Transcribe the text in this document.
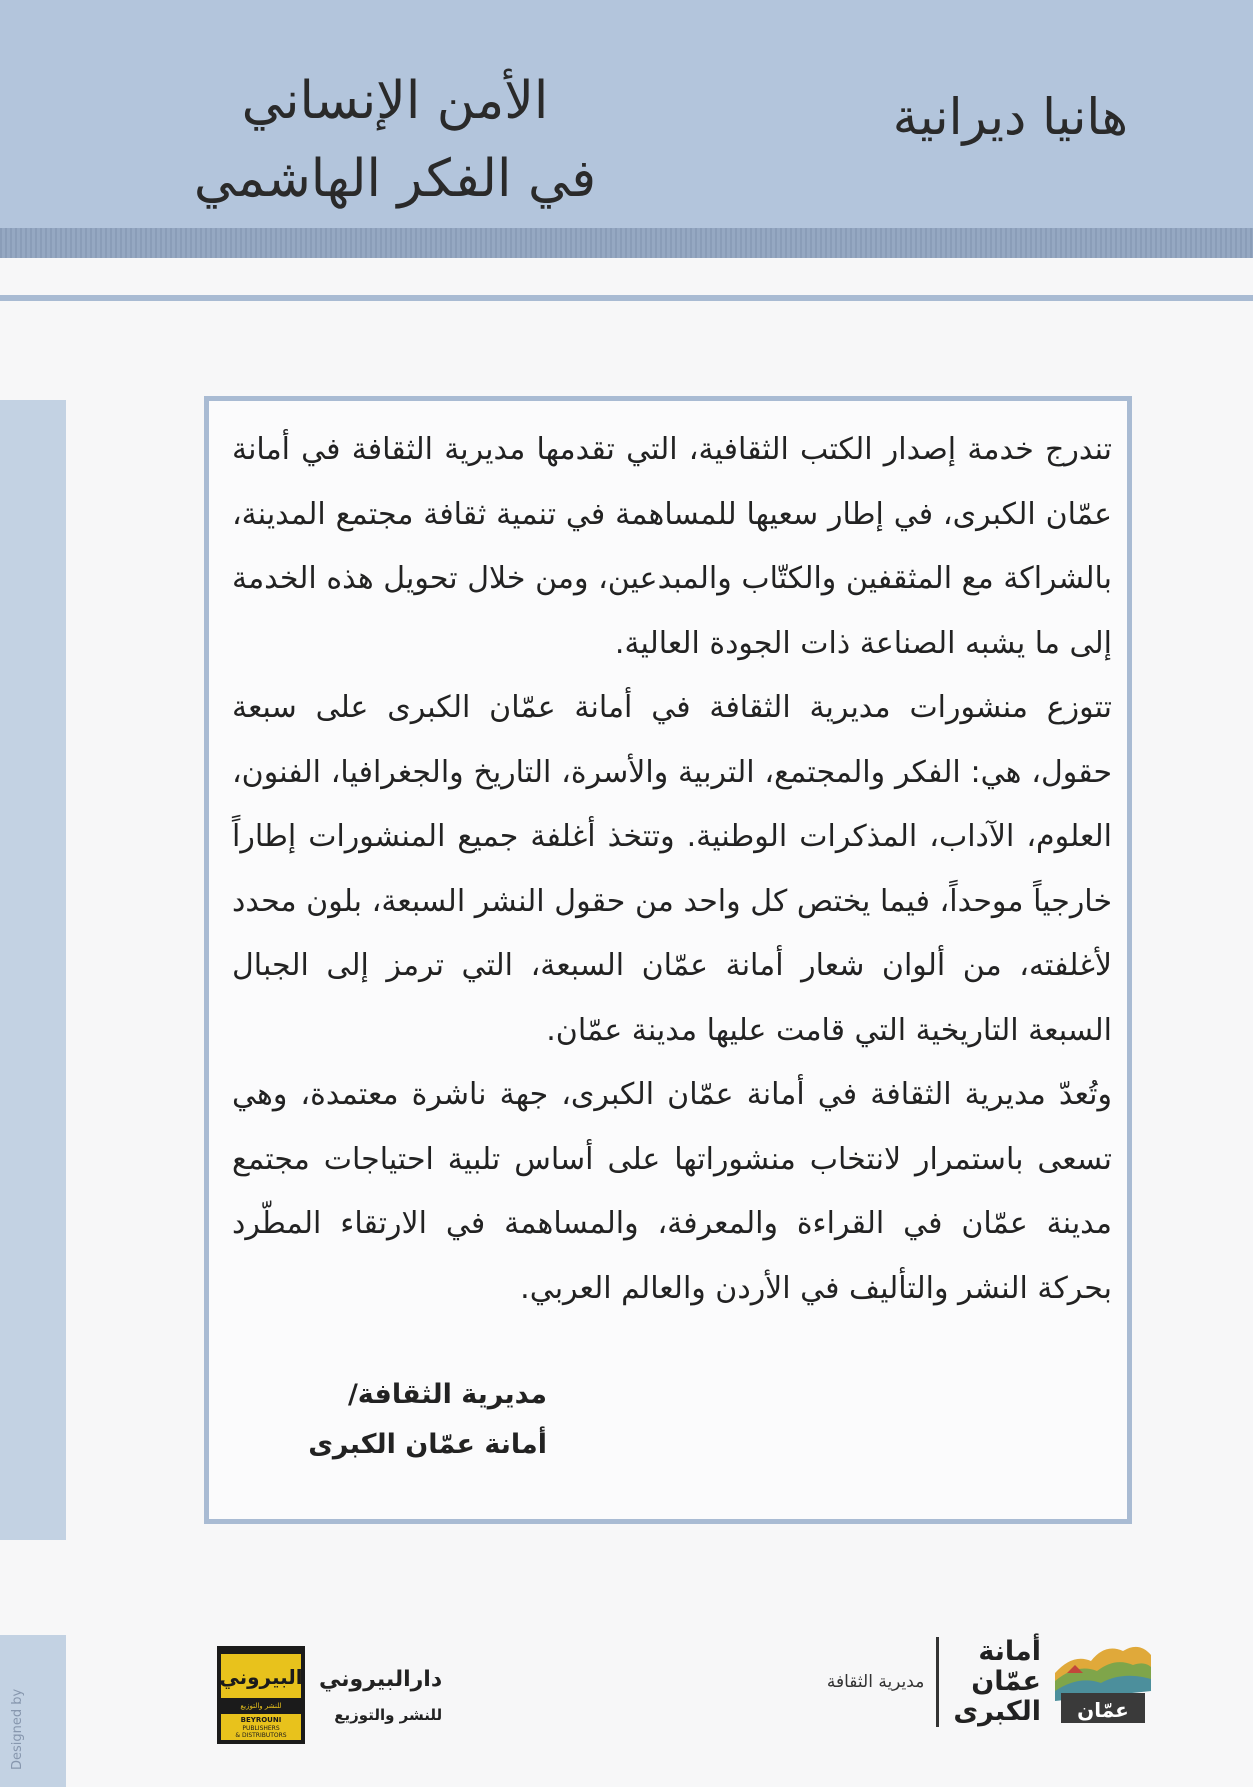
هانيا ديرانية
الأمن الإنساني
في الفكر الهاشمي
Designed by

تندرج خدمة إصدار الكتب الثقافية، التي تقدمها مديرية الثقافة في أمانة عمّان الكبرى، في إطار سعيها للمساهمة في تنمية ثقافة مجتمع المدينة، بالشراكة مع المثقفين والكتّاب والمبدعين، ومن خلال تحويل هذه الخدمة إلى ما يشبه الصناعة ذات الجودة العالية.

تتوزع منشورات مديرية الثقافة في أمانة عمّان الكبرى على سبعة حقول، هي: الفكر والمجتمع، التربية والأسرة، التاريخ والجغرافيا، الفنون، العلوم، الآداب، المذكرات الوطنية. وتتخذ أغلفة جميع المنشورات إطاراً خارجياً موحداً، فيما يختص كل واحد من حقول النشر السبعة، بلون محدد لأغلفته، من ألوان شعار أمانة عمّان السبعة، التي ترمز إلى الجبال السبعة التاريخية التي قامت عليها مدينة عمّان.

وتُعدّ مديرية الثقافة في أمانة عمّان الكبرى، جهة ناشرة معتمدة، وهي تسعى باستمرار لانتخاب منشوراتها على أساس تلبية احتياجات مجتمع مدينة عمّان في القراءة والمعرفة، والمساهمة في الارتقاء المطّرد بحركة النشر والتأليف في الأردن والعالم العربي.

مديرية الثقافة/
أمانة عمّان الكبرى
عمّان
أمانة
عمّان
الكبرى
مديرية الثقافة
البيروني
للنشر والتوزيع
BEYROUNI
PUBLISHERS
& DISTRIBUTORS
دارالبيروني
للنشر والتوزيع
